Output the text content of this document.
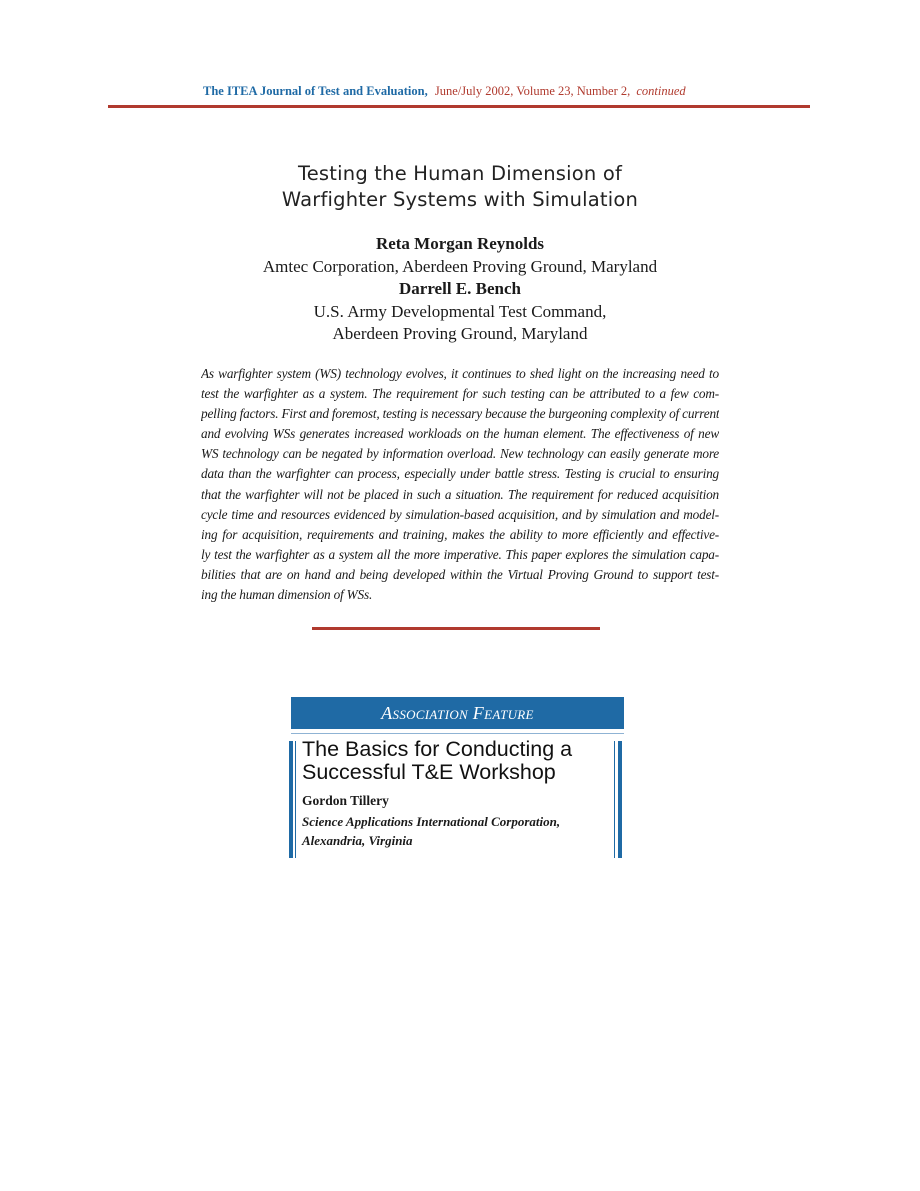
The ITEA Journal of Test and Evaluation, June/July 2002, Volume 23, Number 2, continued
Testing the Human Dimension of
Warfighter Systems with Simulation
Reta Morgan Reynolds
Amtec Corporation, Aberdeen Proving Ground, Maryland
Darrell E. Bench
U.S. Army Developmental Test Command,
Aberdeen Proving Ground, Maryland
As warfighter system (WS) technology evolves, it continues to shed light on the increasing need to
test the warfighter as a system. The requirement for such testing can be attributed to a few com-
pelling factors. First and foremost, testing is necessary because the burgeoning complexity of current
and evolving WSs generates increased workloads on the human element. The effectiveness of new
WS technology can be negated by information overload. New technology can easily generate more
data than the warfighter can process, especially under battle stress. Testing is crucial to ensuring
that the warfighter will not be placed in such a situation. The requirement for reduced acquisition
cycle time and resources evidenced by simulation-based acquisition, and by simulation and model-
ing for acquisition, requirements and training, makes the ability to more efficiently and effective-
ly test the warfighter as a system all the more imperative. This paper explores the simulation capa-
bilities that are on hand and being developed within the Virtual Proving Ground to support test-
ing the human dimension of WSs.
Association Feature
The Basics for Conducting a
Successful T&E Workshop
Gordon Tillery
Science Applications International Corporation,
Alexandria, Virginia
